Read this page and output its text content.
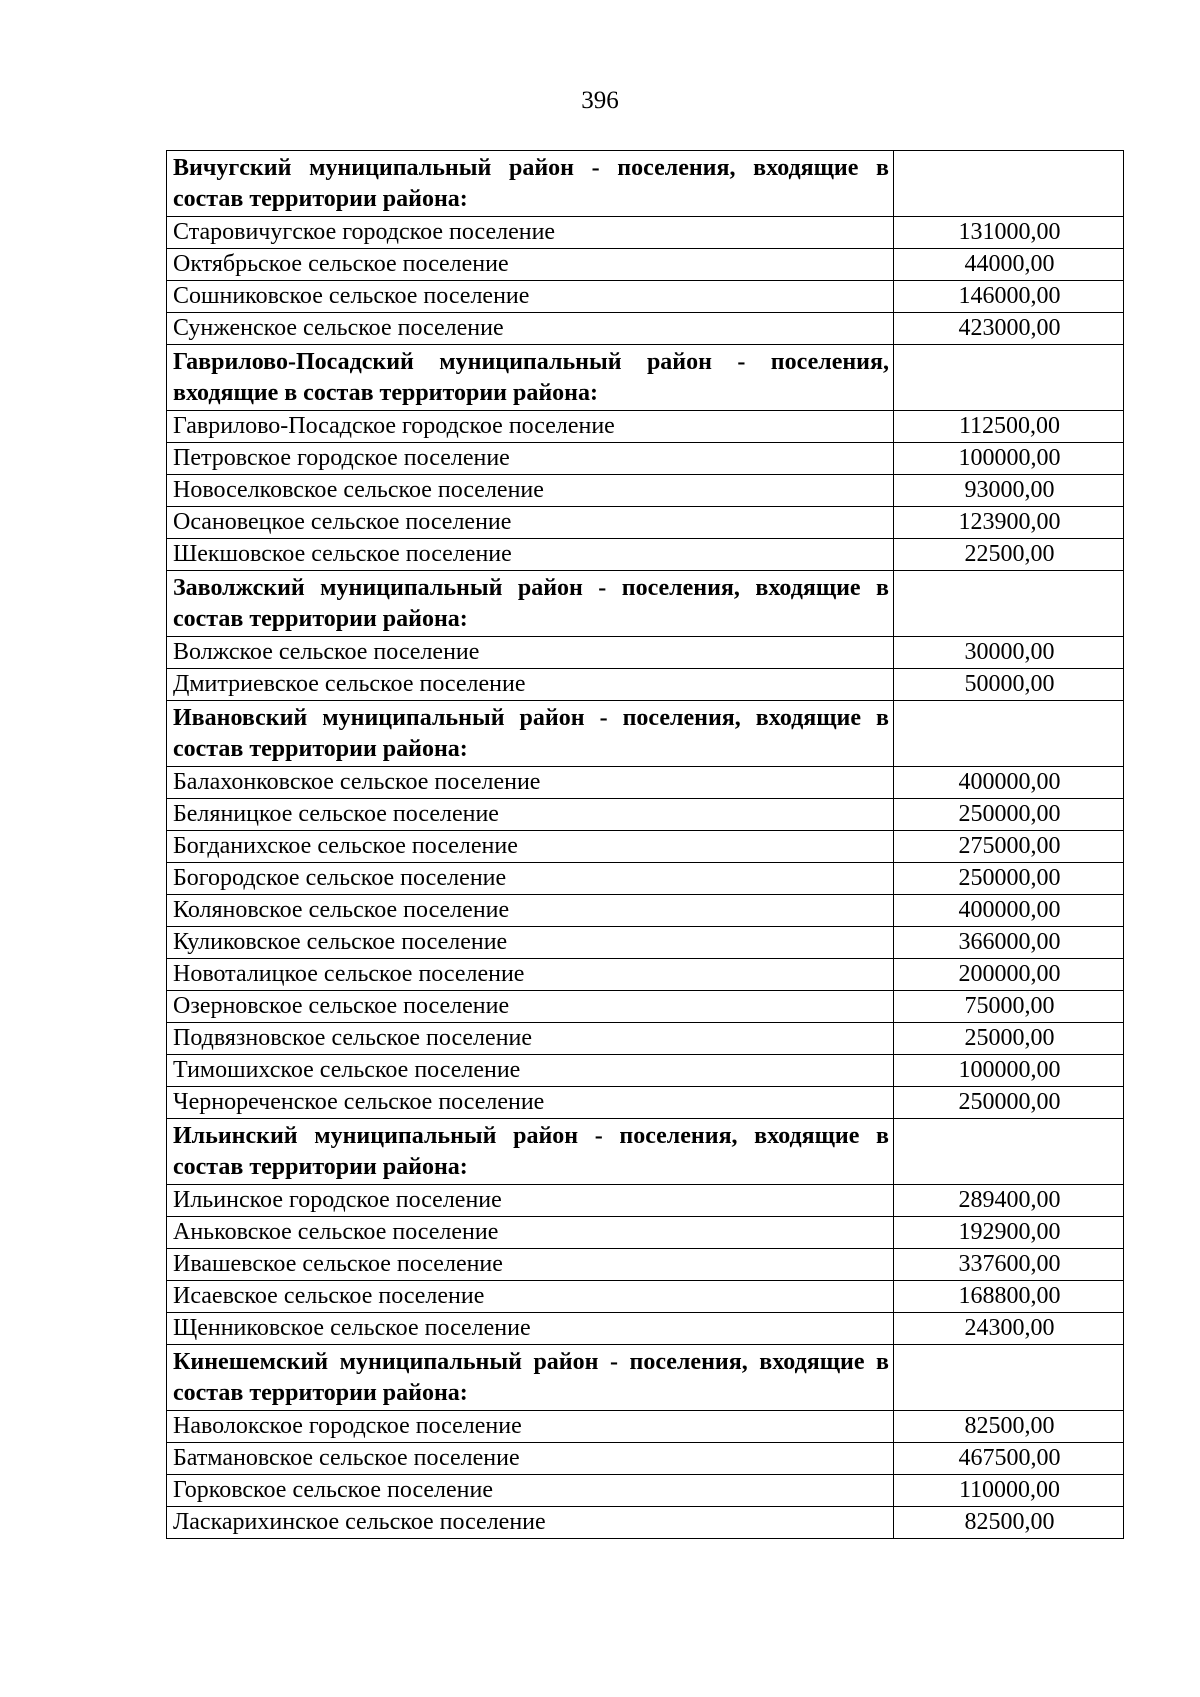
396
Вичугский муниципальный район - поселения, входящие в состав территории района:	
Старовичугское городское поселение	131000,00
Октябрьское сельское поселение	44000,00
Сошниковское сельское поселение	146000,00
Сунженское сельское поселение	423000,00
Гаврилово-Посадский муниципальный район - поселения, входящие в состав территории района:	
Гаврилово-Посадское городское поселение	112500,00
Петровское городское поселение	100000,00
Новоселковское сельское поселение	93000,00
Осановецкое сельское поселение	123900,00
Шекшовское сельское поселение	22500,00
Заволжский муниципальный район - поселения, входящие в состав территории района:	
Волжское сельское поселение	30000,00
Дмитриевское сельское поселение	50000,00
Ивановский муниципальный район - поселения, входящие в состав территории района:	
Балахонковское сельское поселение	400000,00
Беляницкое сельское поселение	250000,00
Богданихское сельское поселение	275000,00
Богородское сельское поселение	250000,00
Коляновское сельское поселение	400000,00
Куликовское сельское поселение	366000,00
Новоталицкое сельское поселение	200000,00
Озерновское сельское поселение	75000,00
Подвязновское сельское поселение	25000,00
Тимошихское сельское поселение	100000,00
Чернореченское сельское поселение	250000,00
Ильинский муниципальный район - поселения, входящие в состав территории района:	
Ильинское городское поселение	289400,00
Аньковское сельское поселение	192900,00
Ивашевское сельское поселение	337600,00
Исаевское сельское поселение	168800,00
Щенниковское сельское поселение	24300,00
Кинешемский муниципальный район - поселения, входящие в состав территории района:	
Наволокское городское поселение	82500,00
Батмановское сельское поселение	467500,00
Горковское сельское поселение	110000,00
Ласкарихинское сельское поселение	82500,00
